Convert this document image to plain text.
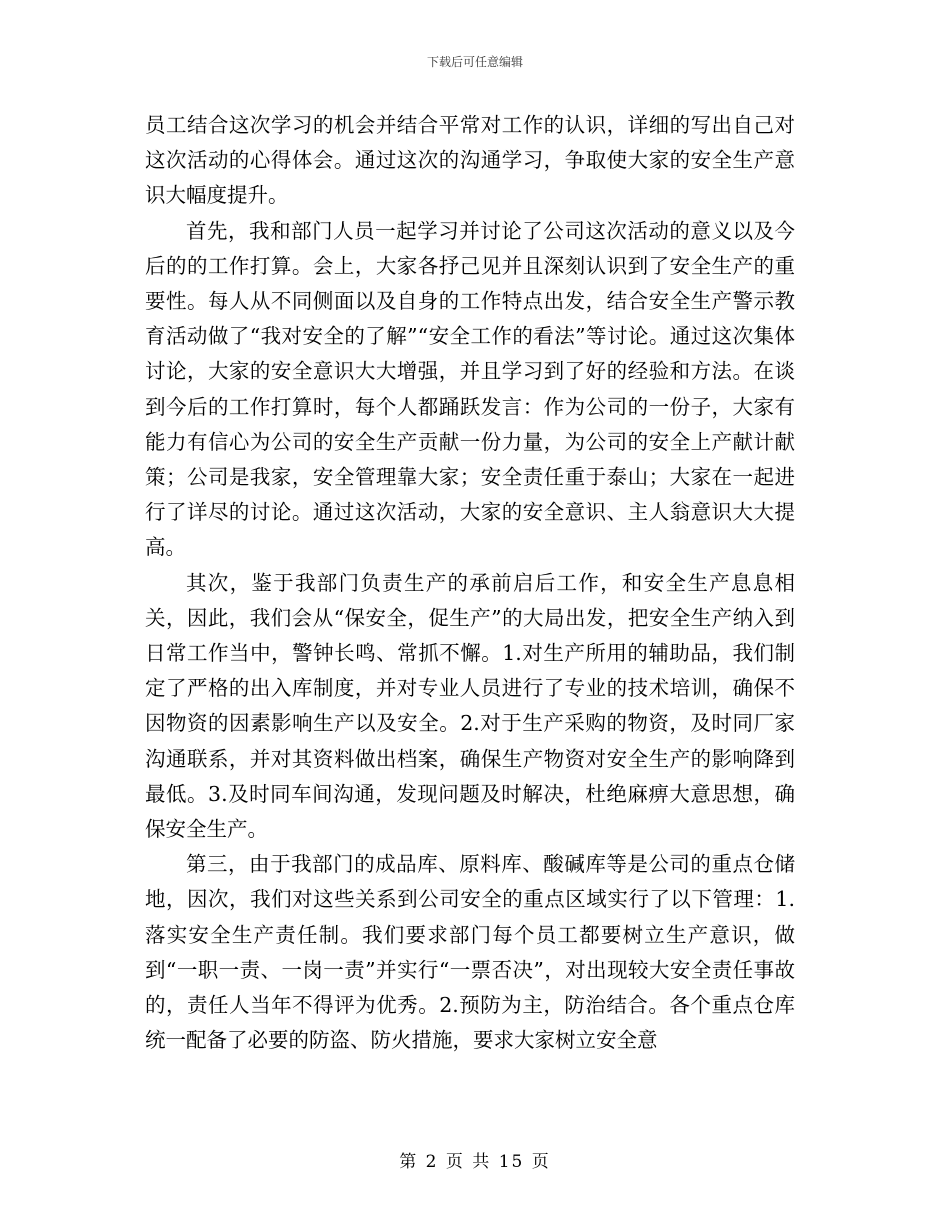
下载后可任意编辑

员工结合这次学习的机会并结合平常对工作的认识，详细的写出自己对这次活动的心得体会。通过这次的沟通学习，争取使大家的安全生产意识大幅度提升。

首先，我和部门人员一起学习并讨论了公司这次活动的意义以及今后的的工作打算。会上，大家各抒己见并且深刻认识到了安全生产的重要性。每人从不同侧面以及自身的工作特点出发，结合安全生产警示教育活动做了“我对安全的了解”“安全工作的看法”等讨论。通过这次集体讨论，大家的安全意识大大增强，并且学习到了好的经验和方法。在谈到今后的工作打算时，每个人都踊跃发言：作为公司的一份子，大家有能力有信心为公司的安全生产贡献一份力量，为公司的安全上产献计献策；公司是我家，安全管理靠大家；安全责任重于泰山；大家在一起进行了详尽的讨论。通过这次活动，大家的安全意识、主人翁意识大大提高。

其次，鉴于我部门负责生产的承前启后工作，和安全生产息息相关，因此，我们会从“保安全，促生产”的大局出发，把安全生产纳入到日常工作当中，警钟长鸣、常抓不懈。1.对生产所用的辅助品，我们制定了严格的出入库制度，并对专业人员进行了专业的技术培训，确保不因物资的因素影响生产以及安全。2.对于生产采购的物资，及时同厂家沟通联系，并对其资料做出档案，确保生产物资对安全生产的影响降到最低。3.及时同车间沟通，发现问题及时解决，杜绝麻痹大意思想，确保安全生产。

第三，由于我部门的成品库、原料库、酸碱库等是公司的重点仓储地，因次，我们对这些关系到公司安全的重点区域实行了以下管理：1.落实安全生产责任制。我们要求部门每个员工都要树立生产意识，做到“一职一责、一岗一责”并实行“一票否决”，对出现较大安全责任事故的，责任人当年不得评为优秀。2.预防为主，防治结合。各个重点仓库统一配备了必要的防盗、防火措施，要求大家树立安全意

第 2 页 共 15 页
